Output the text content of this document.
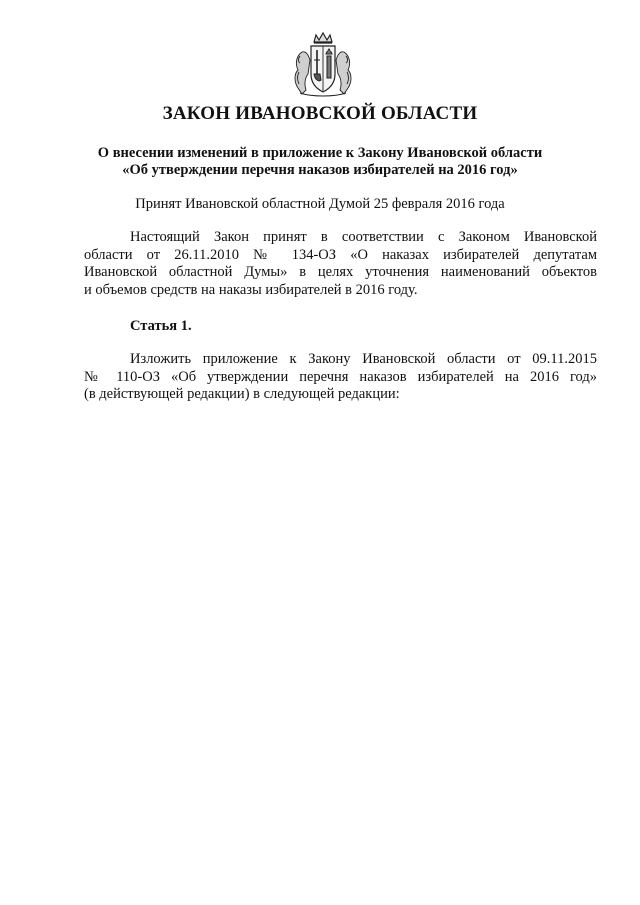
ЗАКОН ИВАНОВСКОЙ ОБЛАСТИ
О внесении изменений в приложение к Закону Ивановской области
«Об утверждении перечня наказов избирателей на 2016 год»

Принят Ивановской областной Думой 25 февраля 2016 года

Настоящий Закон принят в соответствии с Законом Ивановской
области от 26.11.2010 № 134-ОЗ «О наказах избирателей депутатам
Ивановской областной Думы» в целях уточнения наименований объектов
и объемов средств на наказы избирателей в 2016 году.

Статья 1.

Изложить приложение к Закону Ивановской области от 09.11.2015
№ 110-ОЗ «Об утверждении перечня наказов избирателей на 2016 год»
(в действующей редакции) в следующей редакции:
